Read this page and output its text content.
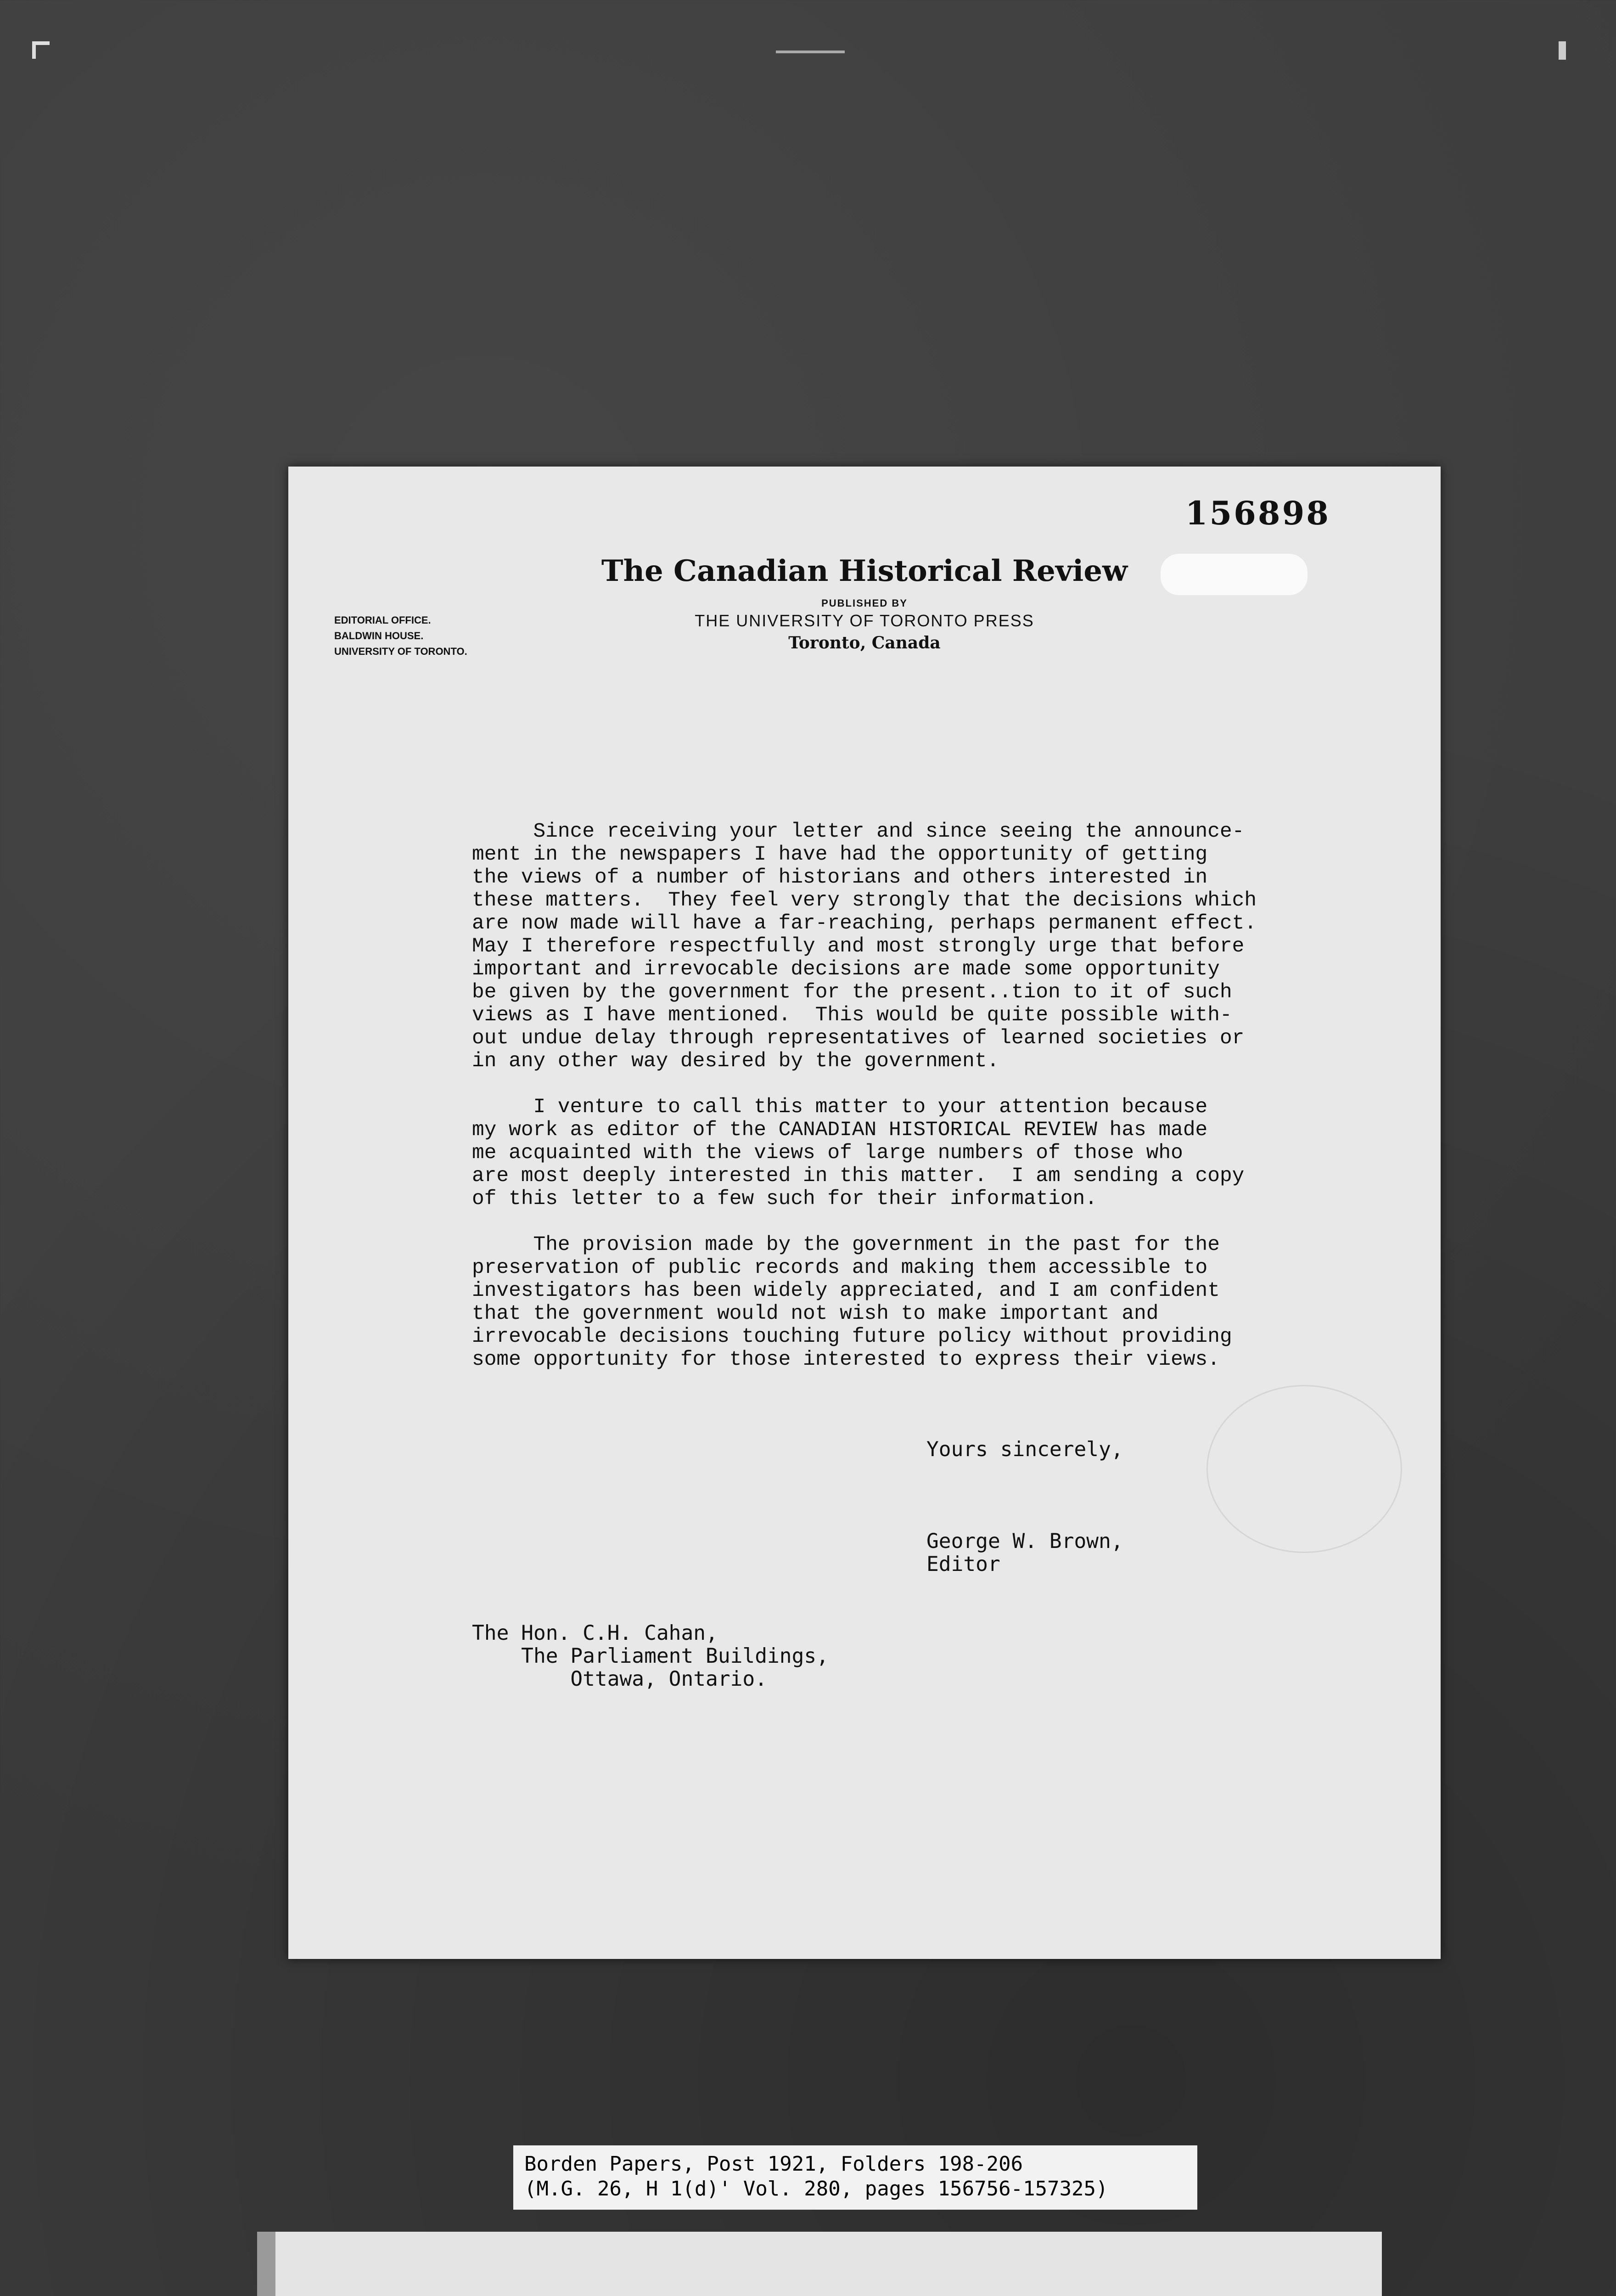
156898
The Canadian Historical Review
PUBLISHED BY
THE UNIVERSITY OF TORONTO PRESS
Toronto, Canada
EDITORIAL OFFICE.
BALDWIN HOUSE.
UNIVERSITY OF TORONTO.
Since receiving your letter and since seeing the announce-
ment in the newspapers I have had the opportunity of getting
the views of a number of historians and others interested in
these matters.  They feel very strongly that the decisions which
are now made will have a far-reaching, perhaps permanent effect.
May I therefore respectfully and most strongly urge that before
important and irrevocable decisions are made some opportunity
be given by the government for the present..tion to it of such
views as I have mentioned.  This would be quite possible with-
out undue delay through representatives of learned societies or
in any other way desired by the government.
I venture to call this matter to your attention because
my work as editor of the CANADIAN HISTORICAL REVIEW has made
me acquainted with the views of large numbers of those who
are most deeply interested in this matter.  I am sending a copy
of this letter to a few such for their information.
The provision made by the government in the past for the
preservation of public records and making them accessible to
investigators has been widely appreciated, and I am confident
that the government would not wish to make important and
irrevocable decisions touching future policy without providing
some opportunity for those interested to express their views.
Yours sincerely,
George W. Brown,
Editor
The Hon. C.H. Cahan,
The Parliament Buildings,
Ottawa, Ontario.
Borden Papers, Post 1921, Folders 198-206
(M.G. 26, H 1(d)' Vol. 280, pages 156756-157325)
